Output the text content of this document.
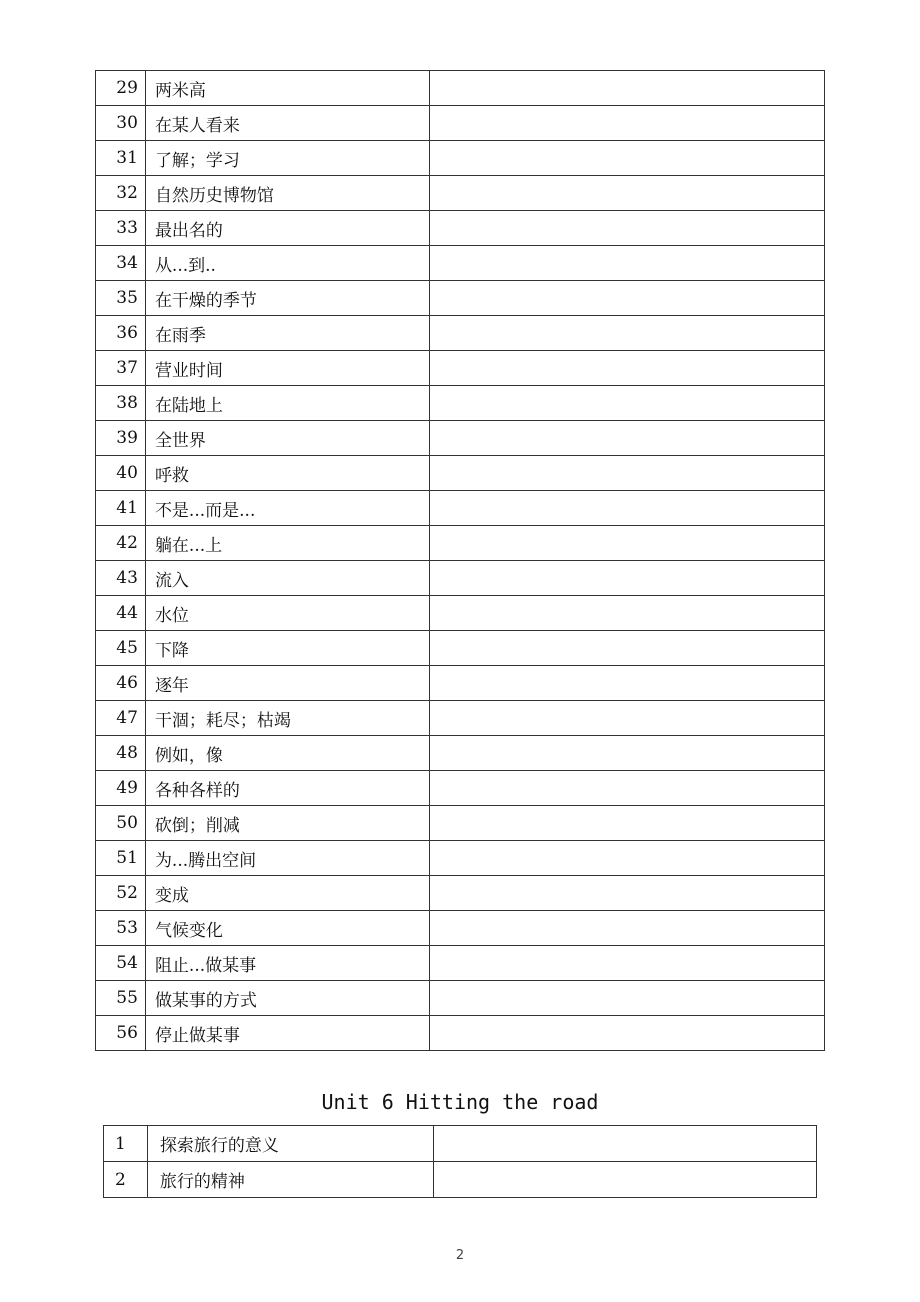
29	两米高	
30	在某人看来	
31	了解；学习	
32	自然历史博物馆	
33	最出名的	
34	从...到..	
35	在干燥的季节	
36	在雨季	
37	营业时间	
38	在陆地上	
39	全世界	
40	呼救	
41	不是...而是...	
42	躺在...上	
43	流入	
44	水位	
45	下降	
46	逐年	
47	干涸；耗尽；枯竭	
48	例如，像	
49	各种各样的	
50	砍倒；削减	
51	为...腾出空间	
52	变成	
53	气候变化	
54	阻止...做某事	
55	做某事的方式	
56	停止做某事	
Unit 6 Hitting the road
1	探索旅行的意义	
2	旅行的精神	
2
